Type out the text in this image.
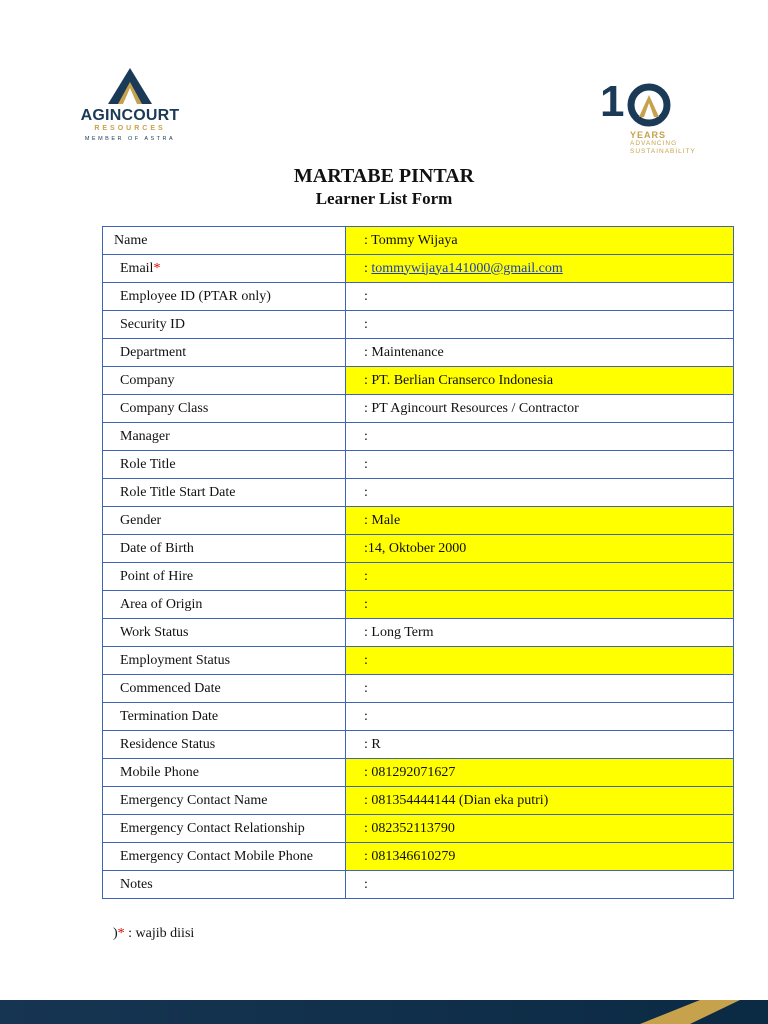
AGINCOURT
RESOURCES
MEMBER OF ASTRA
1
YEARS
ADVANCING
SUSTAINABILITY
MARTABE PINTAR
Learner List Form
Name	: Tommy Wijaya
Email*	: tommywijaya141000@gmail.com
Employee ID (PTAR only)	:
Security ID	:
Department	: Maintenance
Company	: PT. Berlian Cranserco Indonesia
Company Class	: PT Agincourt Resources / Contractor
Manager	:
Role Title	:
Role Title Start Date	:
Gender	: Male
Date of Birth	:14, Oktober 2000
Point of Hire	:
Area of Origin	:
Work Status	: Long Term
Employment Status	:
Commenced Date	:
Termination Date	:
Residence Status	: R
Mobile Phone	: 081292071627
Emergency Contact Name	: 081354444144 (Dian eka putri)
Emergency Contact Relationship	: 082352113790
Emergency Contact Mobile Phone	: 081346610279
Notes	:
)* : wajib diisi
